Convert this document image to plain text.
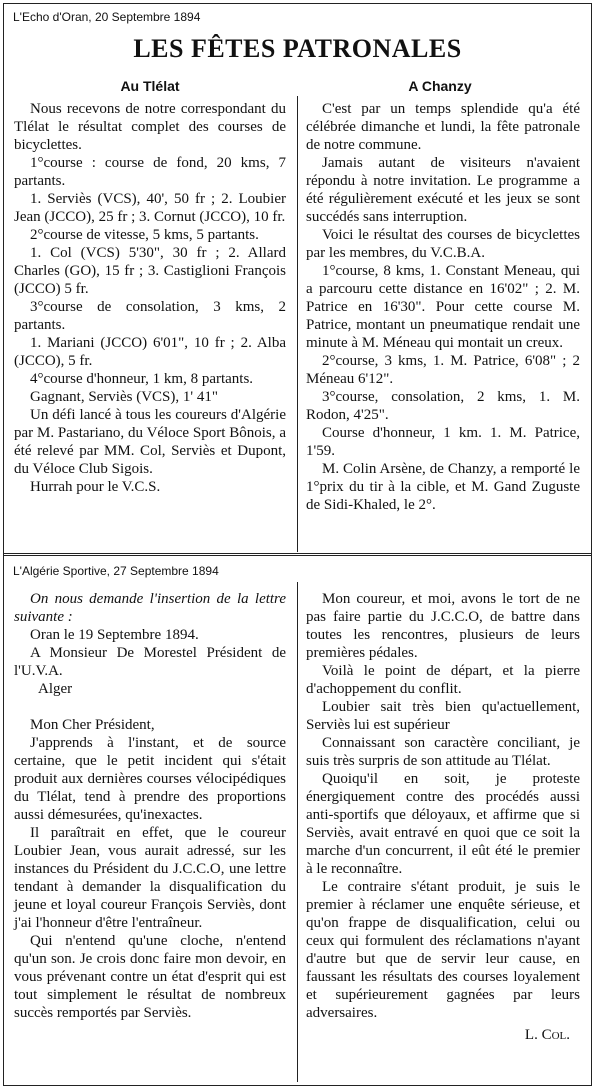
L'Echo d'Oran, 20 Septembre 1894
LES FÊTES PATRONALES
Au Tlélat	A Chanzy

Nous recevons de notre correspondant du Tlélat le résultat complet des courses de bicyclettes.

1°course : course de fond, 20 kms, 7 partants.

1. Serviès (VCS), 40', 50 fr ; 2. Loubier Jean (JCCO), 25 fr ; 3. Cornut (JCCO), 10 fr.

2°course de vitesse, 5 kms, 5 partants.

1. Col (VCS) 5'30", 30 fr ; 2. Allard Charles (GO), 15 fr ; 3. Castiglioni François (JCCO) 5 fr.

3°course de consolation, 3 kms, 2 partants.

1. Mariani (JCCO) 6'01", 10 fr ; 2. Alba (JCCO), 5 fr.

4°course d'honneur, 1 km, 8 partants.

Gagnant, Serviès (VCS), 1' 41"

Un défi lancé à tous les coureurs d'Algérie par M. Pastariano, du Véloce Sport Bônois, a été relevé par MM. Col, Serviès et Dupont, du Véloce Club Sigois.

Hurrah pour le V.C.S.

C'est par un temps splendide qu'a été célébrée dimanche et lundi, la fête patronale de notre commune.

Jamais autant de visiteurs n'avaient répondu à notre invitation. Le programme a été régulièrement exécuté et les jeux se sont succédés sans interruption.

Voici le résultat des courses de bicyclettes par les membres, du V.C.B.A.

1°course, 8 kms, 1. Constant Meneau, qui a parcouru cette distance en 16'02" ; 2. M. Patrice en 16'30". Pour cette course M. Patrice, montant un pneumatique rendait une minute à M. Méneau qui montait un creux.

2°course, 3 kms, 1. M. Patrice, 6'08" ; 2 Méneau 6'12".

3°course, consolation, 2 kms, 1. M. Rodon, 4'25".

Course d'honneur, 1 km. 1. M. Patrice, 1'59.

M. Colin Arsène, de Chanzy, a remporté le 1°prix du tir à la cible, et M. Gand Zuguste de Sidi-Khaled, le 2°.

L'Algérie Sportive, 27 Septembre 1894

On nous demande l'insertion de la lettre suivante :

Oran le 19 Septembre 1894.

A Monsieur De Morestel Président de l'U.V.A.

Alger

Mon Cher Président,

J'apprends à l'instant, et de source certaine, que le petit incident qui s'était produit aux dernières courses vélocipédiques du Tlélat, tend à prendre des proportions aussi démesurées, qu'inexactes.

Il paraîtrait en effet, que le coureur Loubier Jean, vous aurait adressé, sur les instances du Président du J.C.C.O, une lettre tendant à demander la disqualification du jeune et loyal coureur François Serviès, dont j'ai l'honneur d'être l'entraîneur.

Qui n'entend qu'une cloche, n'entend qu'un son. Je crois donc faire mon devoir, en vous prévenant contre un état d'esprit qui est tout simplement le résultat de nombreux succès remportés par Serviès.

Mon coureur, et moi, avons le tort de ne pas faire partie du J.C.C.O, de battre dans toutes les rencontres, plusieurs de leurs premières pédales.

Voilà le point de départ, et la pierre d'achoppement du conflit.

Loubier sait très bien qu'actuellement, Serviès lui est supérieur

Connaissant son caractère conciliant, je suis très surpris de son attitude au Tlélat.

Quoiqu'il en soit, je proteste énergiquement contre des procédés aussi anti-sportifs que déloyaux, et affirme que si Serviès, avait entravé en quoi que ce soit la marche d'un concurrent, il eût été le premier à le reconnaître.

Le contraire s'étant produit, je suis le premier à réclamer une enquête sérieuse, et qu'on frappe de disqualification, celui ou ceux qui formulent des réclamations n'ayant d'autre but que de servir leur cause, en faussant les résultats des courses loyalement et supérieurement gagnées par leurs adversaires.

L. Col.
